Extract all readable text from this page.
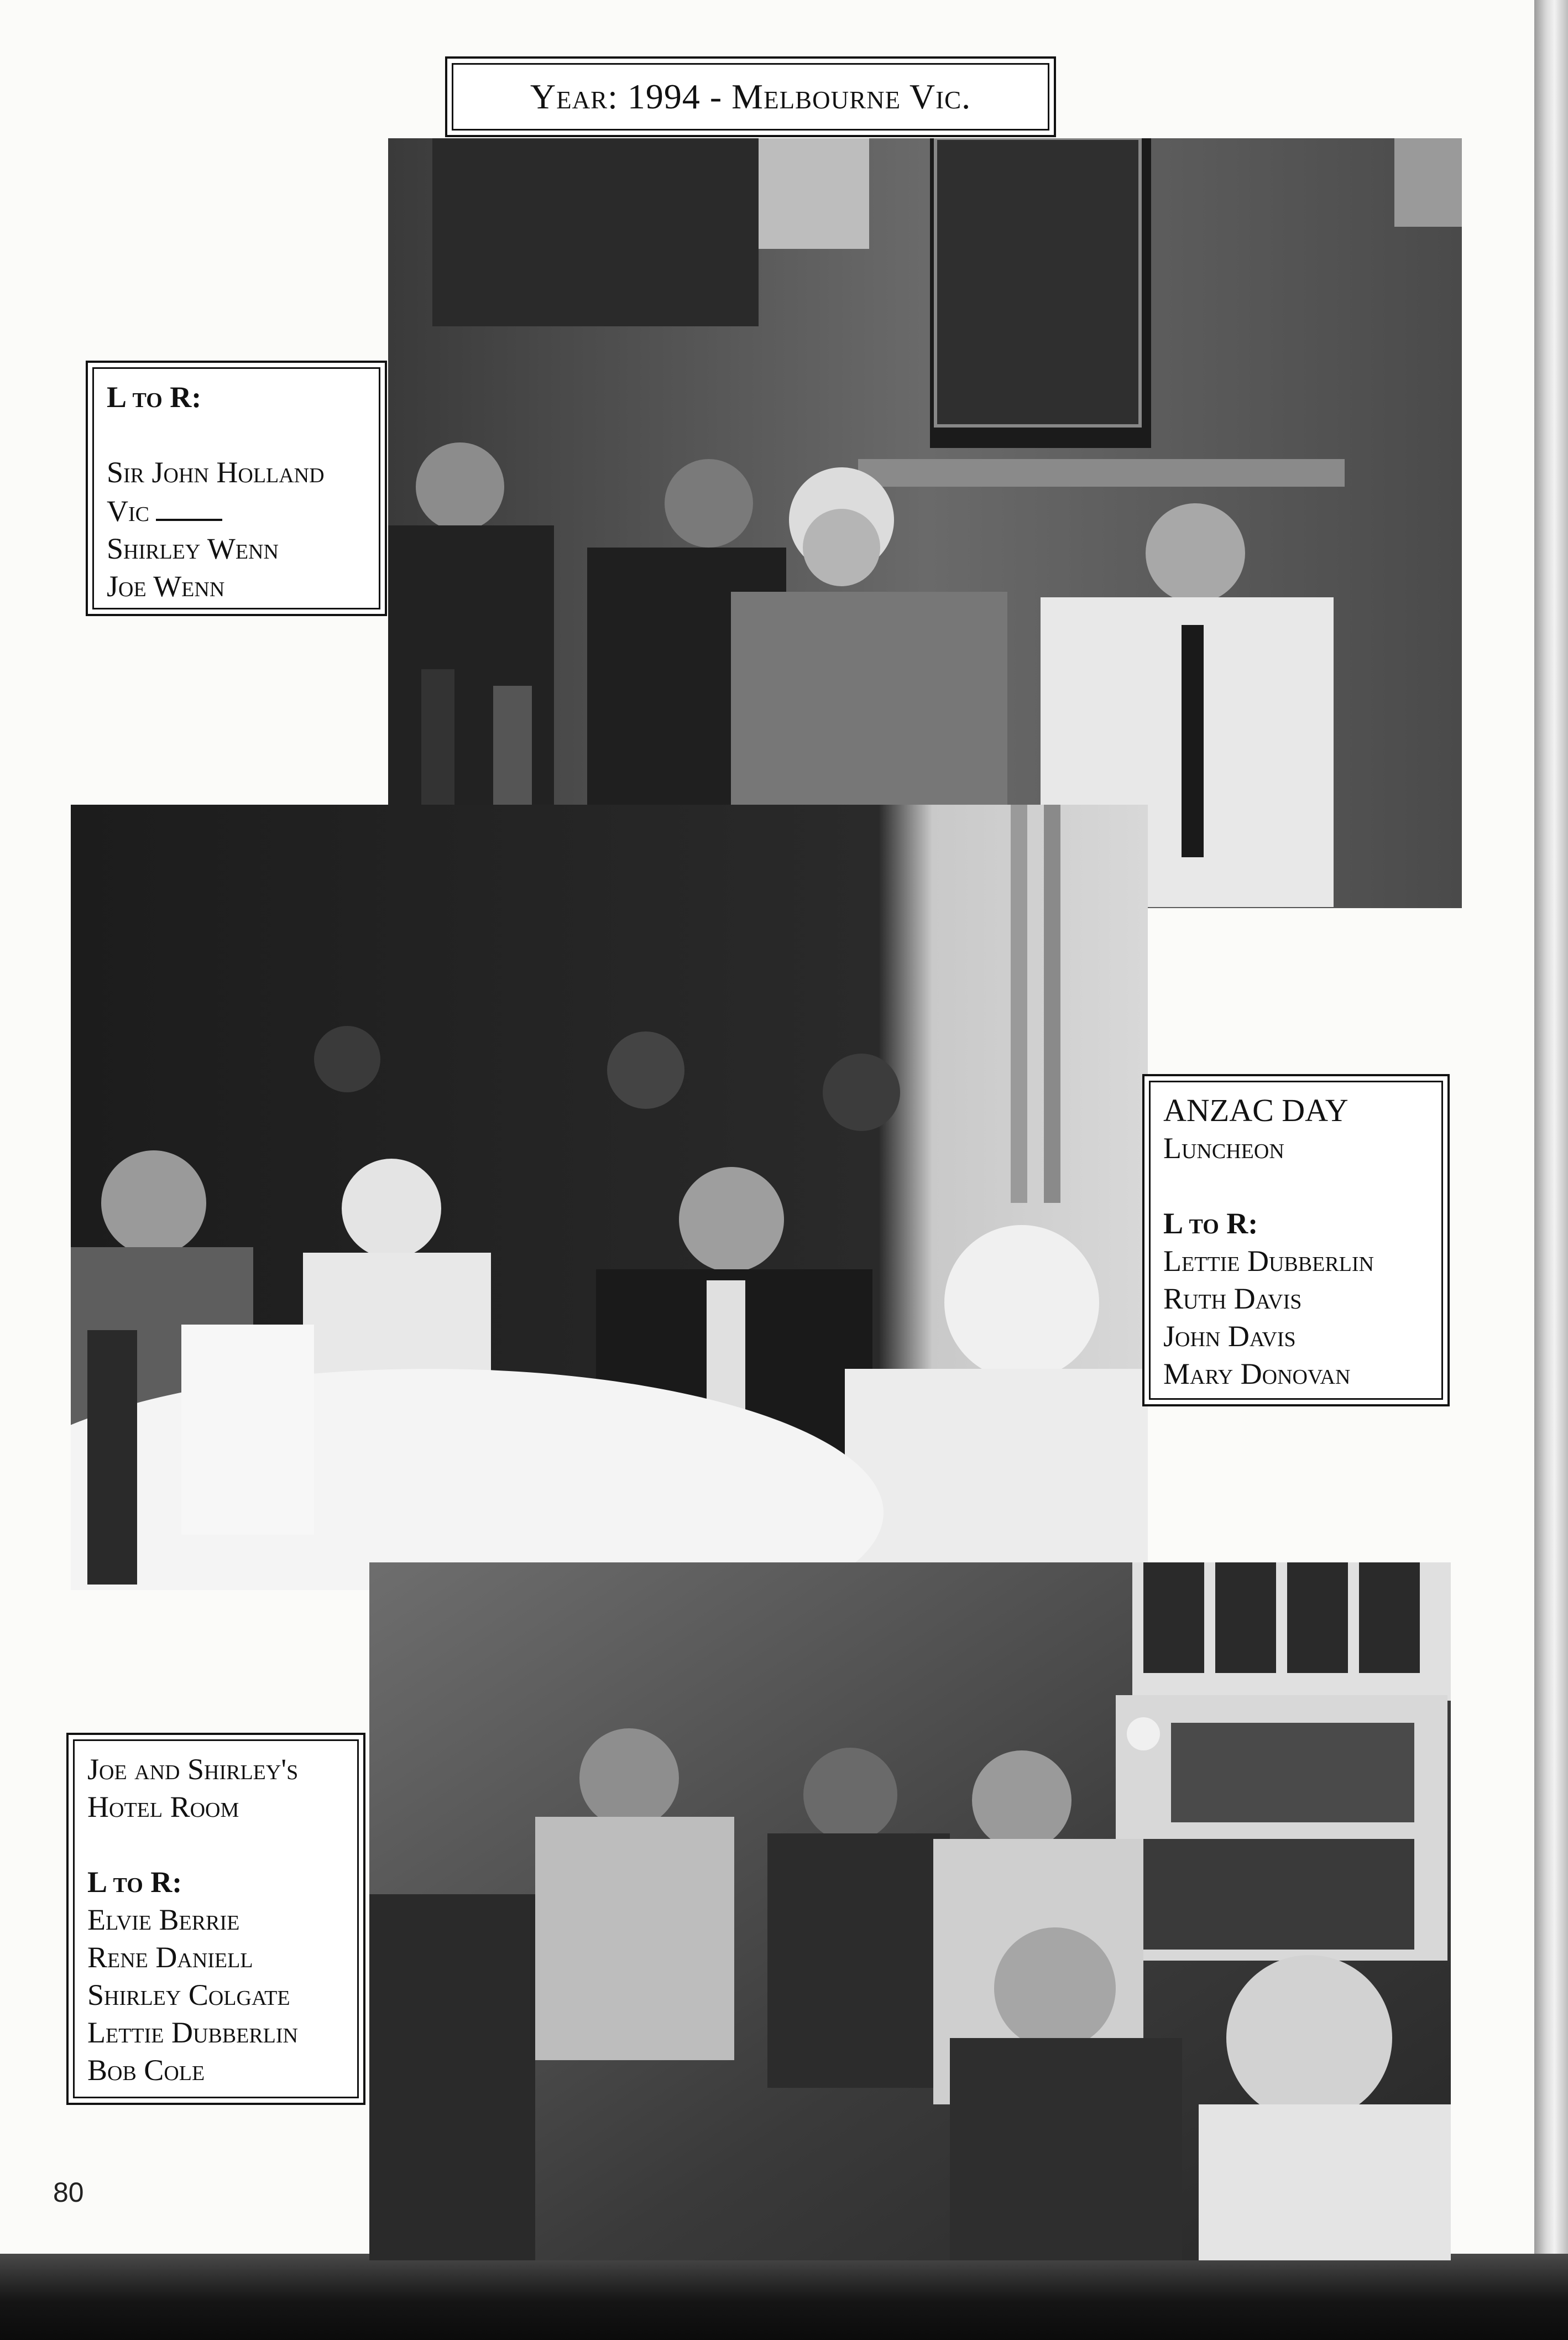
Year: 1994 - Melbourne Vic.
L to R:
Sir John Holland
Vic
Shirley Wenn
Joe Wenn
ANZAC DAY
Luncheon
L to R:
Lettie Dubberlin
Ruth Davis
John Davis
Mary Donovan
Joe and Shirley's
Hotel Room
L to R:
Elvie Berrie
Rene Daniell
Shirley Colgate
Lettie Dubberlin
Bob Cole
80
